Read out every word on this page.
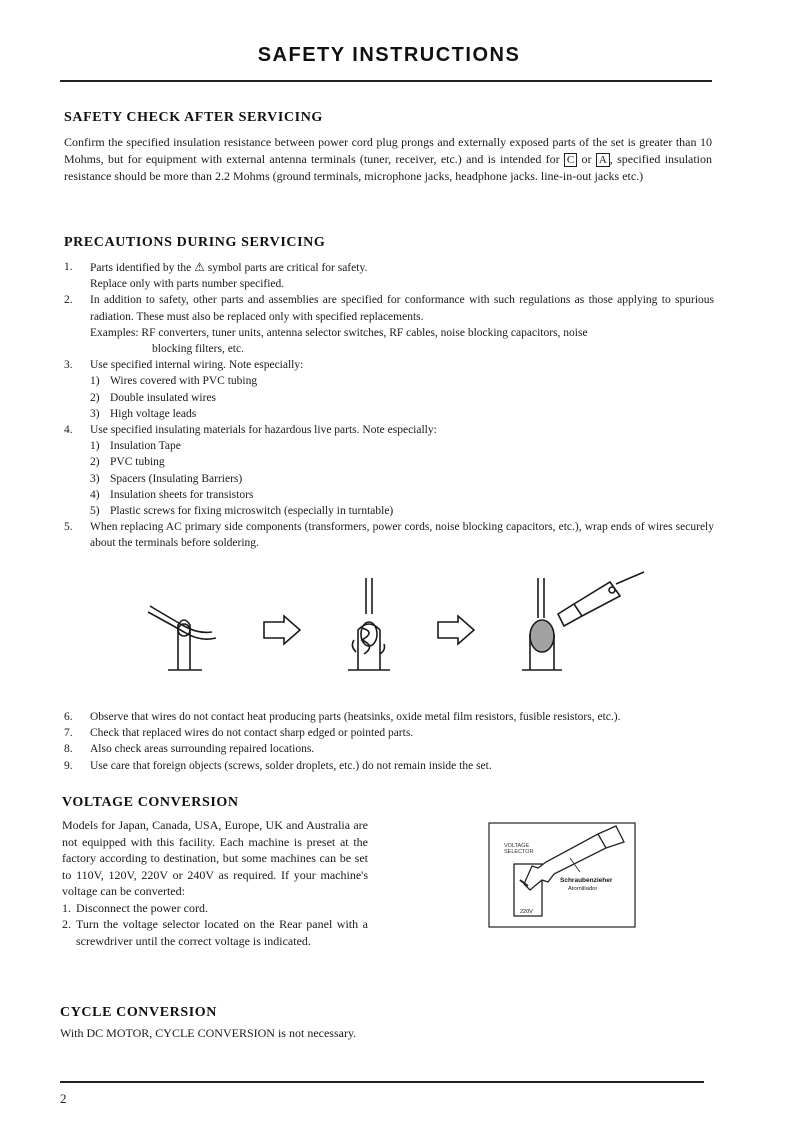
SAFETY INSTRUCTIONS
SAFETY CHECK AFTER SERVICING
Confirm the specified insulation resistance between power cord plug prongs and externally exposed parts of the set is greater than 10 Mohms, but for equipment with external antenna terminals (tuner, receiver, etc.) and is intended for C or A , specified insulation resistance should be more than 2.2 Mohms (ground terminals, microphone jacks, headphone jacks. line-in-out jacks etc.)
PRECAUTIONS DURING SERVICING
1. Parts identified by the ⚠ symbol parts are critical for safety.
Replace only with parts number specified.
2. In addition to safety, other parts and assemblies are specified for conformance with such regulations as those applying to spurious radiation. These must also be replaced only with specified replacements.
Examples: RF converters, tuner units, antenna selector switches, RF cables, noise blocking capacitors, noise
blocking filters, etc.
3. Use specified internal wiring. Note especially:
1) Wires covered with PVC tubing
2) Double insulated wires
3) High voltage leads
4. Use specified insulating materials for hazardous live parts. Note especially:
1) Insulation Tape
2) PVC tubing
3) Spacers (Insulating Barriers)
4) Insulation sheets for transistors
5) Plastic screws for fixing microswitch (especially in turntable)
5. When replacing AC primary side components (transformers, power cords, noise blocking capacitors, etc.), wrap ends of wires securely about the terminals before soldering.
6. Observe that wires do not contact heat producing parts (heatsinks, oxide metal film resistors, fusible resistors, etc.).
7. Check that replaced wires do not contact sharp edged or pointed parts.
8. Also check areas surrounding repaired locations.
9. Use care that foreign objects (screws, solder droplets, etc.) do not remain inside the set.
VOLTAGE CONVERSION
Models for Japan, Canada, USA, Europe, UK and Australia are not equipped with this facility. Each machine is preset at the factory according to destination, but some machines can be set to 110V, 120V, 220V or 240V as required. If your machine's voltage can be converted:
1. Disconnect the power cord.
2. Turn the voltage selector located on the Rear panel with a screwdriver until the correct voltage is indicated.
VOLTAGE
SELECTOR
Schraubenzieher
Atornillador
220V
CYCLE CONVERSION
With DC MOTOR, CYCLE CONVERSION is not necessary.
2
